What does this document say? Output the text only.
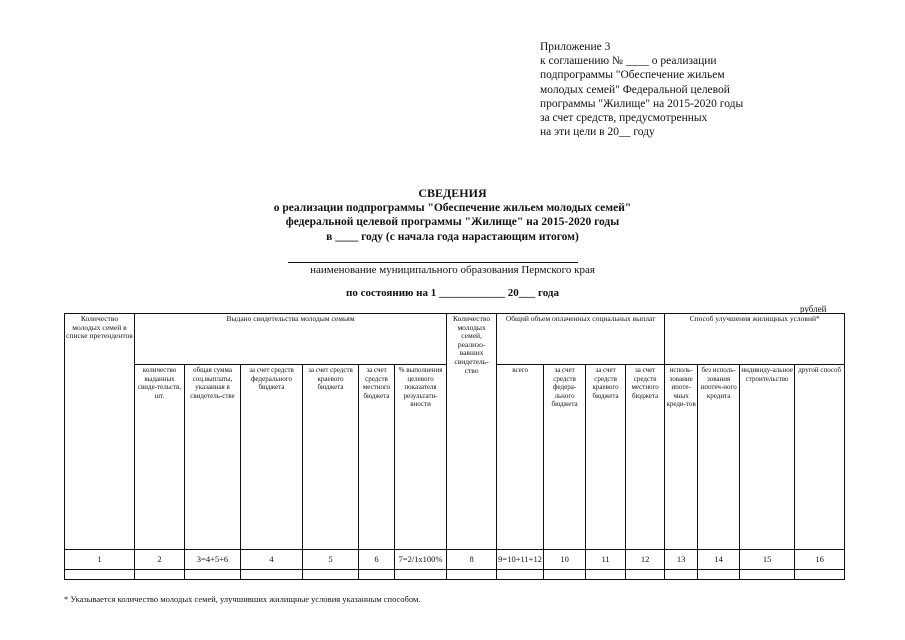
Приложение 3
к соглашению № ____ о реализации
подпрограммы "Обеспечение жильем
молодых семей" Федеральной целевой
программы "Жилище" на 2015-2020 годы
за счет средств, предусмотренных
на эти цели в 20__ году
СВЕДЕНИЯ
о реализации подпрограммы "Обеспечение жильем молодых семей"
федеральной целевой программы "Жилище" на 2015-2020 годы
в ____ году (с начала года нарастающим итогом)
наименование муниципального образования Пермского края
по состоянию на 1 ____________ 20___ года
рублей
Количество молодых семей в списке претендентов	Выдано свидетельства молодым семьям						Количество молодых семей, реализо-вавших свидетель-ство	Общий объем оплаченных социальных выплат				Способ улучшения жилищных условий*			
	количество выданных свиде-тельств, шт.	общая сумма соц.выплаты, указанная в свидетель-стве	за счет средств федерального бюджета	за счет средств краевого бюджета	за счет средств местного бюджета	% выполнения целевого показателя результати-вности		всего	за счет средств федера-льного бюджета	за счет средств краевого бюджета	за счет средств местного бюджета	исполь-зование ипоте-чных креди-тов	без исполь-зования ипотеч-ного кредита	индивиду-альное строительство	другой способ
1	2	3=4+5+6	4	5	6	7=2/1x100%	8	9=10+11+12	10	11	12	13	14	15	16

* Указывается количество молодых семей, улучшивших жилищные условия указанным способом.
